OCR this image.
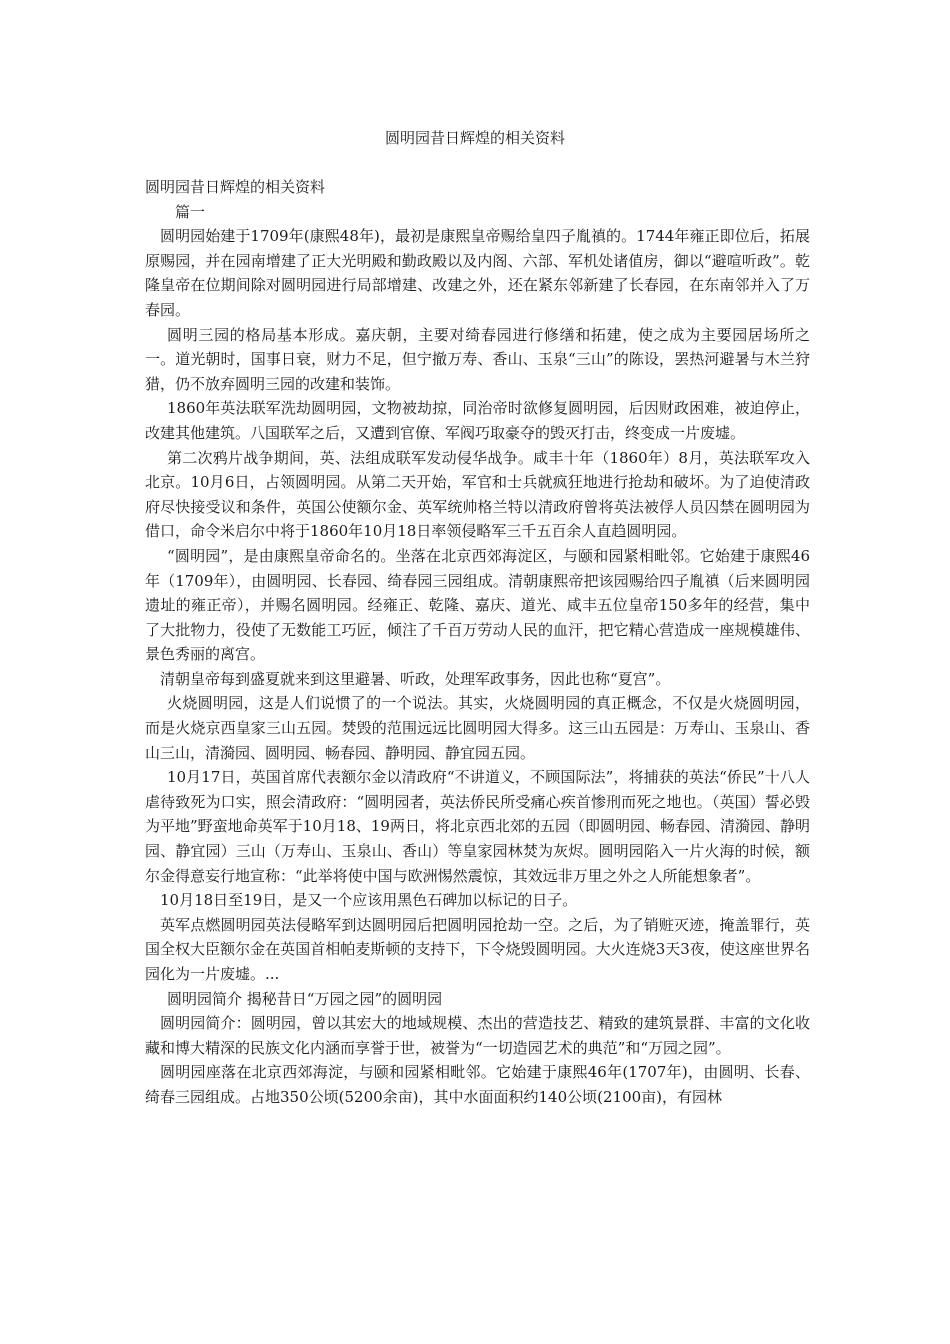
圆明园昔日辉煌的相关资料

圆明园昔日辉煌的相关资料

篇一

圆明园始建于1709年(康熙48年)，最初是康熙皇帝赐给皇四子胤禛的。1744年雍正即位后，拓展原赐园，并在园南增建了正大光明殿和勤政殿以及内阁、六部、军机处诸值房，御以“避喧听政”。乾隆皇帝在位期间除对圆明园进行局部增建、改建之外，还在紧东邻新建了长春园，在东南邻并入了万春园。

圆明三园的格局基本形成。嘉庆朝，主要对绮春园进行修缮和拓建，使之成为主要园居场所之一。道光朝时，国事日衰，财力不足，但宁撤万寿、香山、玉泉“三山”的陈设，罢热河避暑与木兰狩猎，仍不放弃圆明三园的改建和装饰。

1860年英法联军洗劫圆明园，文物被劫掠，同治帝时欲修复圆明园，后因财政困难，被迫停止，改建其他建筑。八国联军之后，又遭到官僚、军阀巧取豪夺的毁灭打击，终变成一片废墟。

第二次鸦片战争期间，英、法组成联军发动侵华战争。咸丰十年（1860年）8月，英法联军攻入北京。10月6日，占领圆明园。从第二天开始，军官和士兵就疯狂地进行抢劫和破坏。为了迫使清政府尽快接受议和条件，英国公使额尔金、英军统帅格兰特以清政府曾将英法被俘人员囚禁在圆明园为借口，命令米启尔中将于1860年10月18日率领侵略军三千五百余人直趋圆明园。

“圆明园”，是由康熙皇帝命名的。坐落在北京西郊海淀区，与颐和园紧相毗邻。它始建于康熙46年（1709年），由圆明园、长春园、绮春园三园组成。清朝康熙帝把该园赐给四子胤禛（后来圆明园遗址的雍正帝），并赐名圆明园。经雍正、乾隆、嘉庆、道光、咸丰五位皇帝150多年的经营，集中了大批物力，役使了无数能工巧匠，倾注了千百万劳动人民的血汗，把它精心营造成一座规模雄伟、景色秀丽的离宫。

清朝皇帝每到盛夏就来到这里避暑、听政，处理军政事务，因此也称“夏宫”。

火烧圆明园，这是人们说惯了的一个说法。其实，火烧圆明园的真正概念，不仅是火烧圆明园，而是火烧京西皇家三山五园。焚毁的范围远远比圆明园大得多。这三山五园是：万寿山、玉泉山、香山三山，清漪园、圆明园、畅春园、静明园、静宜园五园。

10月17日，英国首席代表额尔金以清政府“不讲道义，不顾国际法”，将捕获的英法“侨民”十八人虐待致死为口实，照会清政府：“圆明园者，英法侨民所受痛心疾首惨刑而死之地也。（英国）誓必毁为平地”野蛮地命英军于10月18、19两日，将北京西北郊的五园（即圆明园、畅春园、清漪园、静明园、静宜园）三山（万寿山、玉泉山、香山）等皇家园林焚为灰烬。圆明园陷入一片火海的时候，额尔金得意妄行地宣称：“此举将使中国与欧洲惕然震惊，其效远非万里之外之人所能想象者”。

10月18日至19日，是又一个应该用黑色石碑加以标记的日子。

英军点燃圆明园英法侵略军到达圆明园后把圆明园抢劫一空。之后，为了销赃灭迹，掩盖罪行，英国全权大臣额尔金在英国首相帕麦斯顿的支持下，下令烧毁圆明园。大火连烧3天3夜，使这座世界名园化为一片废墟。...

圆明园简介 揭秘昔日“万园之园”的圆明园

圆明园简介：圆明园，曾以其宏大的地域规模、杰出的营造技艺、精致的建筑景群、丰富的文化收藏和博大精深的民族文化内涵而享誉于世，被誉为“一切造园艺术的典范”和“万园之园”。

圆明园座落在北京西郊海淀，与颐和园紧相毗邻。它始建于康熙46年(1707年)，由圆明、长春、绮春三园组成。占地350公顷(5200余亩)，其中水面面积约140公顷(2100亩)，有园林
